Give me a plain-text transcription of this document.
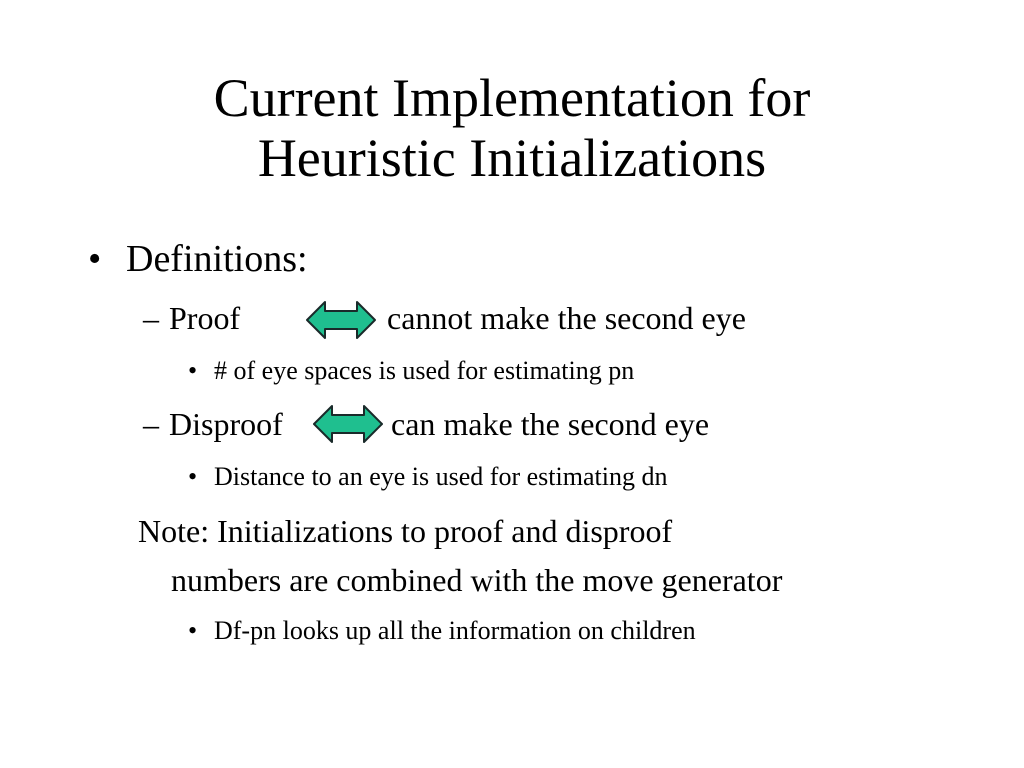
Current Implementation for
Heuristic Initializations
• Definitions:
– Proof	cannot make the second eye
• # of eye spaces is used for estimating pn
– Disproof	can make the second eye
• Distance to an eye is used for estimating dn
Note: Initializations to proof and disproof
numbers are combined with the move generator
• Df-pn looks up all the information on children
